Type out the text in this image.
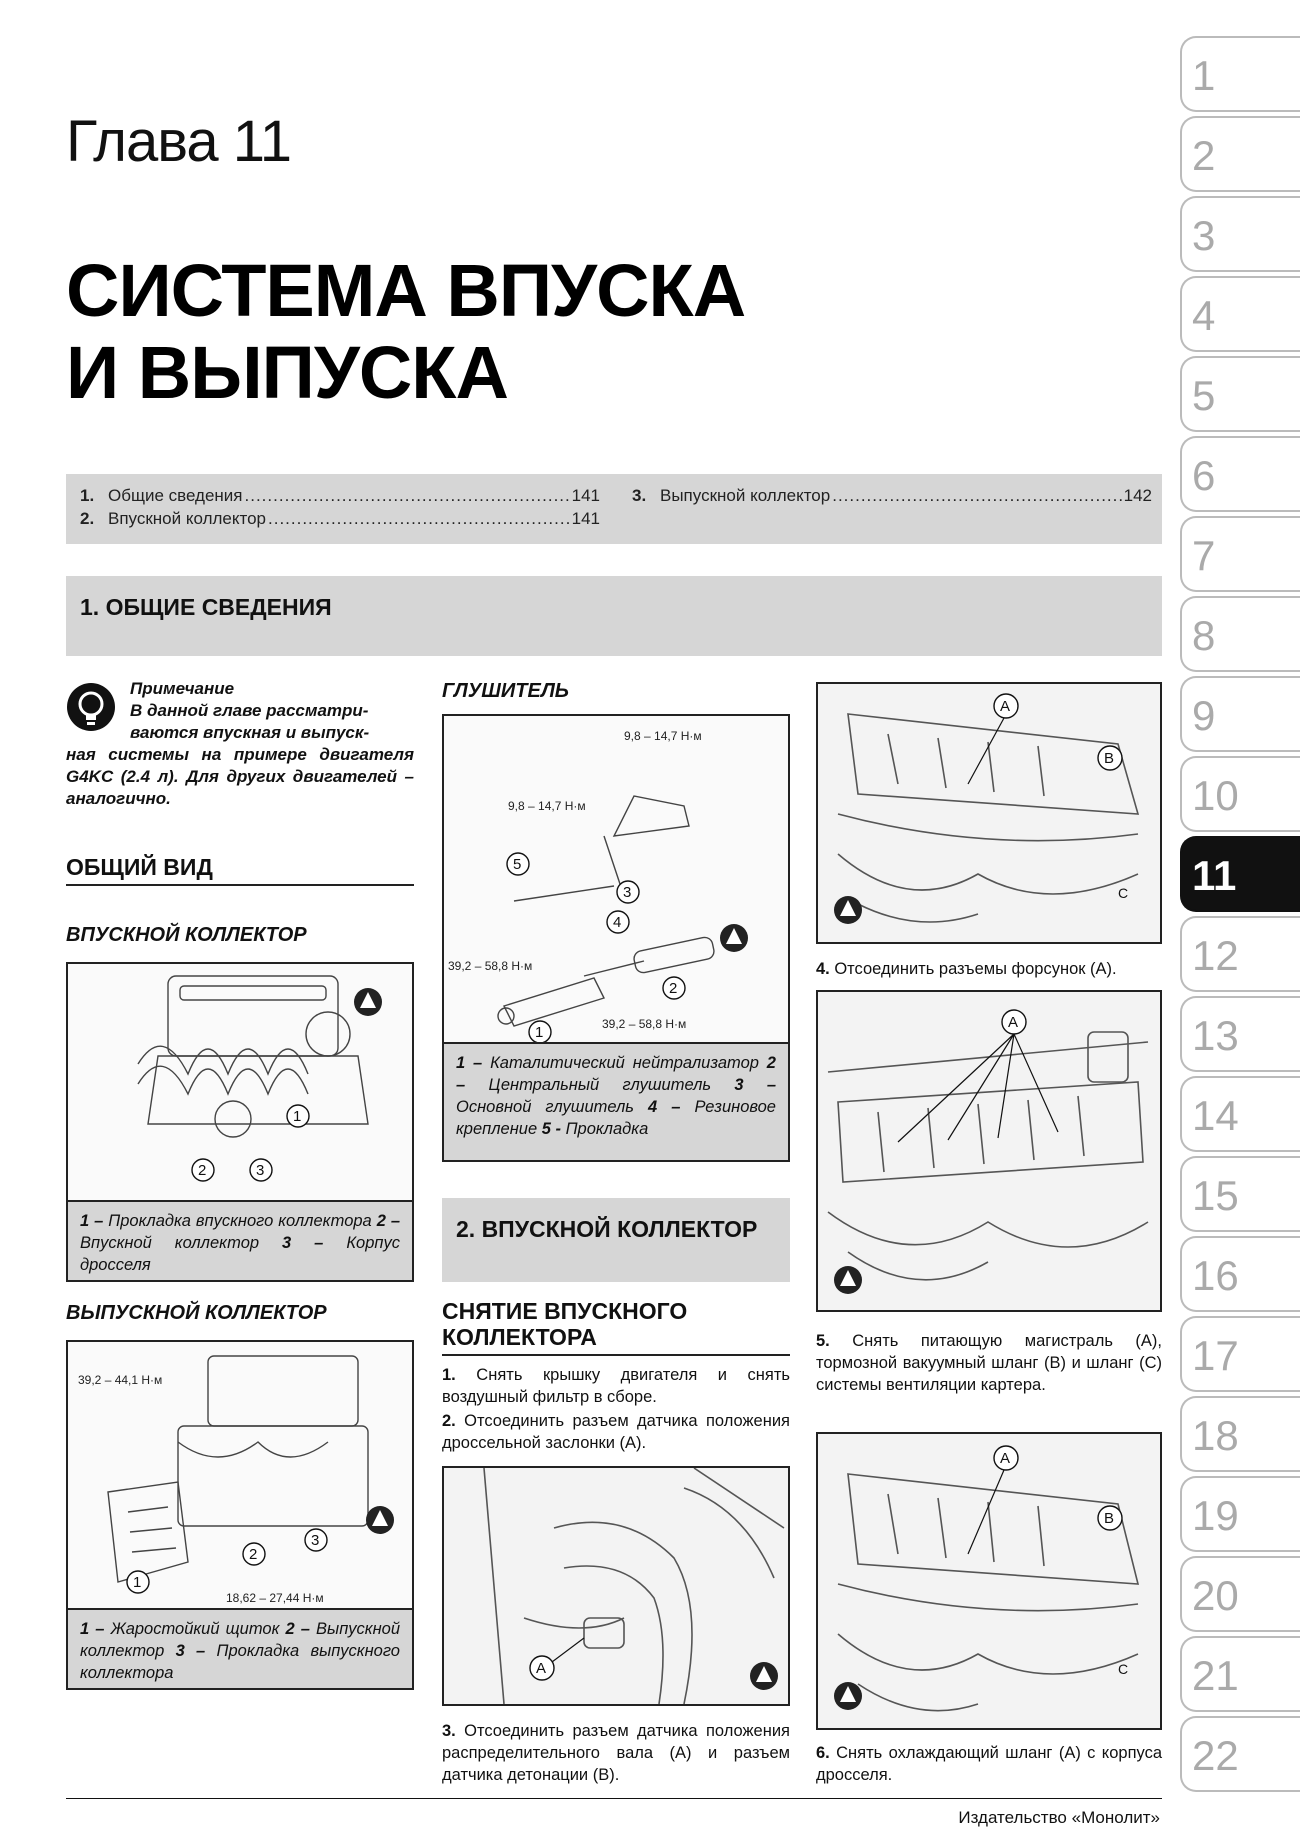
Глава 11
СИСТЕМА ВПУСКА
И ВЫПУСКА
1. Общие сведения .....	141
2. Впускной коллектор .....	141
3. Выпускной коллектор .....	142
1. ОБЩИЕ СВЕДЕНИЯ
Примечание
В данной главе рассматри-
ваются впускная и выпуск-
ная системы на примере двигателя G4KC (2.4 л). Для других двигателей – аналогично.
ОБЩИЙ ВИД
ВПУСКНОЙ КОЛЛЕКТОР
1
2	3
1 – Прокладка впускного коллектора 2 – Впускной коллектор 3 – Корпус дросселя
ВЫПУСКНОЙ КОЛЛЕКТОР
39,2 – 44,1 Н·м
18,62 – 27,44 Н·м
1
2
3
1 – Жаростойкий щиток 2 – Выпускной коллектор 3 – Прокладка выпускного коллектора
ГЛУШИТЕЛЬ
9,8 – 14,7 Н·м
9,8 – 14,7 Н·м
39,2 – 58,8 Н·м
39,2 – 58,8 Н·м
1
2
3
4
5
1 – Каталитический нейтрализатор 2 – Центральный глушитель 3 – Основной глушитель 4 – Резиновое крепление 5 - Прокладка
2. ВПУСКНОЙ КОЛЛЕКТОР
СНЯТИЕ ВПУСКНОГО
КОЛЛЕКТОРА
1. Снять крышку двигателя и снять воздушный фильтр в сборе.
2. Отсоединить разъем датчика положения дроссельной заслонки (А).
A
3. Отсоединить разъем датчика положения распределительного вала (А) и разъем датчика детонации (В).
A
B
C
4. Отсоединить разъемы форсунок (А).
A
5. Снять питающую магистраль (А), тормозной вакуумный шланг (В) и шланг (С) системы вентиляции картера.
A
B
C
6. Снять охлаждающий шланг (А) с корпуса дросселя.
1
2
3
4
5
6
7
8
9
10
11
12
13
14
15
16
17
18
19
20
21
22
Издательство «Монолит»
